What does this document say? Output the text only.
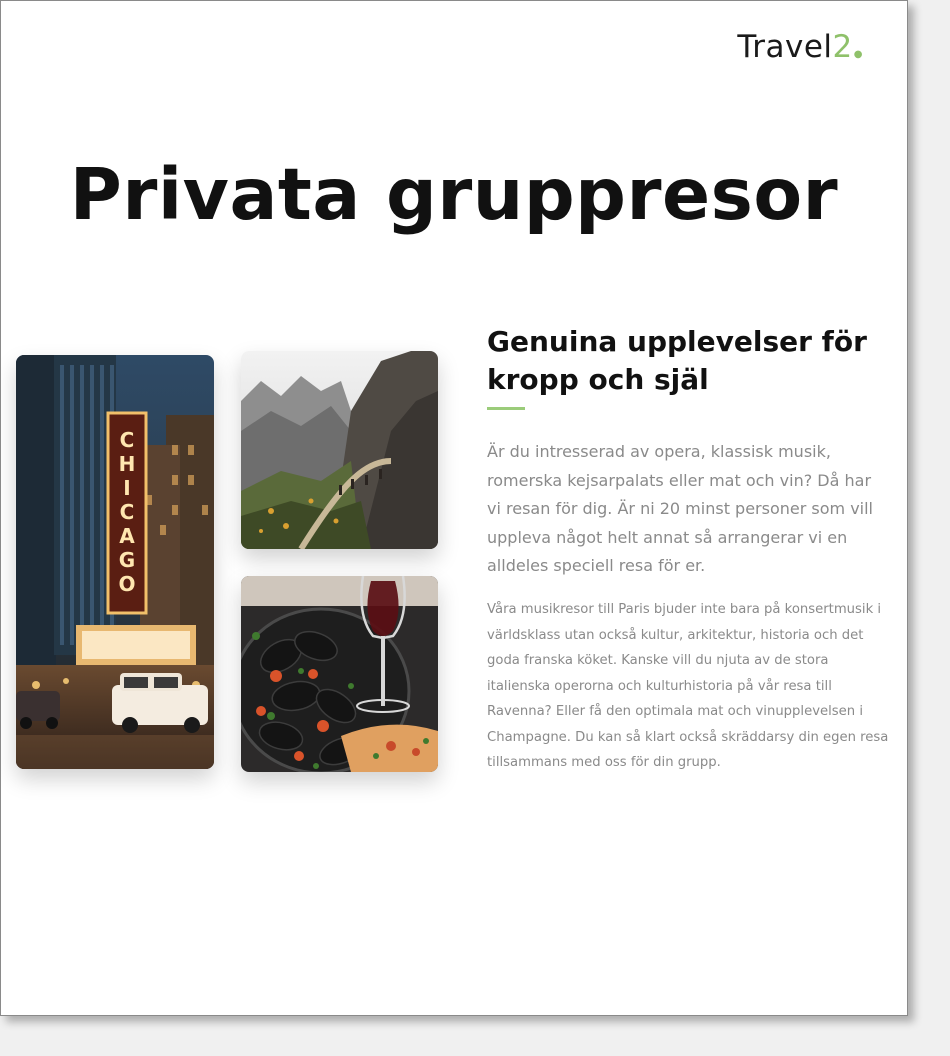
Travel2●
Privata gruppresor
C
H
I
C
A
G
O
Genuina upplevelser för kropp och själ

Är du intresserad av opera, klassisk musik, romerska kejsarpalats eller mat och vin? Då har vi resan för dig. Är ni 20 minst personer som vill uppleva något helt annat så arrangerar vi en alldeles speciell resa för er.

Våra musikresor till Paris bjuder inte bara på konsertmusik i världsklass utan också kultur, arkitektur, historia och det goda franska köket. Kanske vill du njuta av de stora italienska operorna och kulturhistoria på vår resa till Ravenna? Eller få den optimala mat och vinupplevelsen i Champagne. Du kan så klart också skräddarsy din egen resa tillsammans med oss för din grupp.
